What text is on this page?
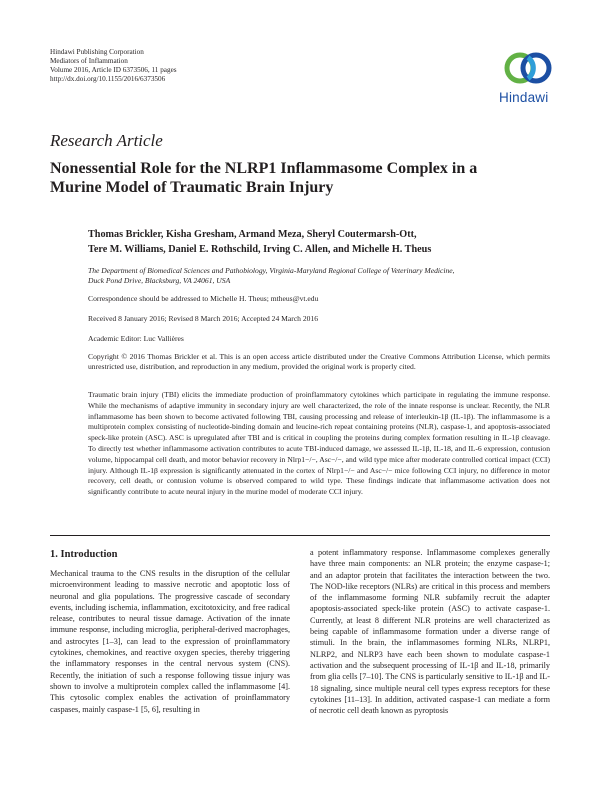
Hindawi Publishing Corporation
Mediators of Inflammation
Volume 2016, Article ID 6373506, 11 pages
http://dx.doi.org/10.1155/2016/6373506
Hindawi
Research Article
Nonessential Role for the NLRP1 Inflammasome Complex in a Murine Model of Traumatic Brain Injury
Thomas Brickler, Kisha Gresham, Armand Meza, Sheryl Coutermarsh-Ott,
Tere M. Williams, Daniel E. Rothschild, Irving C. Allen, and Michelle H. Theus
The Department of Biomedical Sciences and Pathobiology, Virginia-Maryland Regional College of Veterinary Medicine,
Duck Pond Drive, Blacksburg, VA 24061, USA
Correspondence should be addressed to Michelle H. Theus; mtheus@vt.edu
Received 8 January 2016; Revised 8 March 2016; Accepted 24 March 2016
Academic Editor: Luc Vallières
Copyright © 2016 Thomas Brickler et al. This is an open access article distributed under the Creative Commons Attribution License, which permits unrestricted use, distribution, and reproduction in any medium, provided the original work is properly cited.
Traumatic brain injury (TBI) elicits the immediate production of proinflammatory cytokines which participate in regulating the immune response. While the mechanisms of adaptive immunity in secondary injury are well characterized, the role of the innate response is unclear. Recently, the NLR inflammasome has been shown to become activated following TBI, causing processing and release of interleukin-1β (IL-1β). The inflammasome is a multiprotein complex consisting of nucleotide-binding domain and leucine-rich repeat containing proteins (NLR), caspase-1, and apoptosis-associated speck-like protein (ASC). ASC is upregulated after TBI and is critical in coupling the proteins during complex formation resulting in IL-1β cleavage. To directly test whether inflammasome activation contributes to acute TBI-induced damage, we assessed IL-1β, IL-18, and IL-6 expression, contusion volume, hippocampal cell death, and motor behavior recovery in Nlrp1−/−, Asc−/−, and wild type mice after moderate controlled cortical impact (CCI) injury. Although IL-1β expression is significantly attenuated in the cortex of Nlrp1−/− and Asc−/− mice following CCI injury, no difference in motor recovery, cell death, or contusion volume is observed compared to wild type. These findings indicate that inflammasome activation does not significantly contribute to acute neural injury in the murine model of moderate CCI injury.
1. Introduction
Mechanical trauma to the CNS results in the disruption of the cellular microenvironment leading to massive necrotic and apoptotic loss of neuronal and glia populations. The progressive cascade of secondary events, including ischemia, inflammation, excitotoxicity, and free radical release, contributes to neural tissue damage. Activation of the innate immune response, including microglia, peripheral-derived macrophages, and astrocytes [1–3], can lead to the expression of proinflammatory cytokines, chemokines, and reactive oxygen species, thereby triggering the inflammatory responses in the central nervous system (CNS). Recently, the initiation of such a response following tissue injury was shown to involve a multiprotein complex called the inflammasome [4]. This cytosolic complex enables the activation of proinflammatory caspases, mainly caspase-1 [5, 6], resulting in
a potent inflammatory response. Inflammasome complexes generally have three main components: an NLR protein; the enzyme caspase-1; and an adaptor protein that facilitates the interaction between the two. The NOD-like receptors (NLRs) are critical in this process and members of the inflammasome forming NLR subfamily recruit the adapter apoptosis-associated speck-like protein (ASC) to activate caspase-1. Currently, at least 8 different NLR proteins are well characterized as being capable of inflammasome formation under a diverse range of stimuli. In the brain, the inflammasomes forming NLRs, NLRP1, NLRP2, and NLRP3 have each been shown to modulate caspase-1 activation and the subsequent processing of IL-1β and IL-18, primarily from glia cells [7–10]. The CNS is particularly sensitive to IL-1β and IL-18 signaling, since multiple neural cell types express receptors for these cytokines [11–13]. In addition, activated caspase-1 can mediate a form of necrotic cell death known as pyroptosis
